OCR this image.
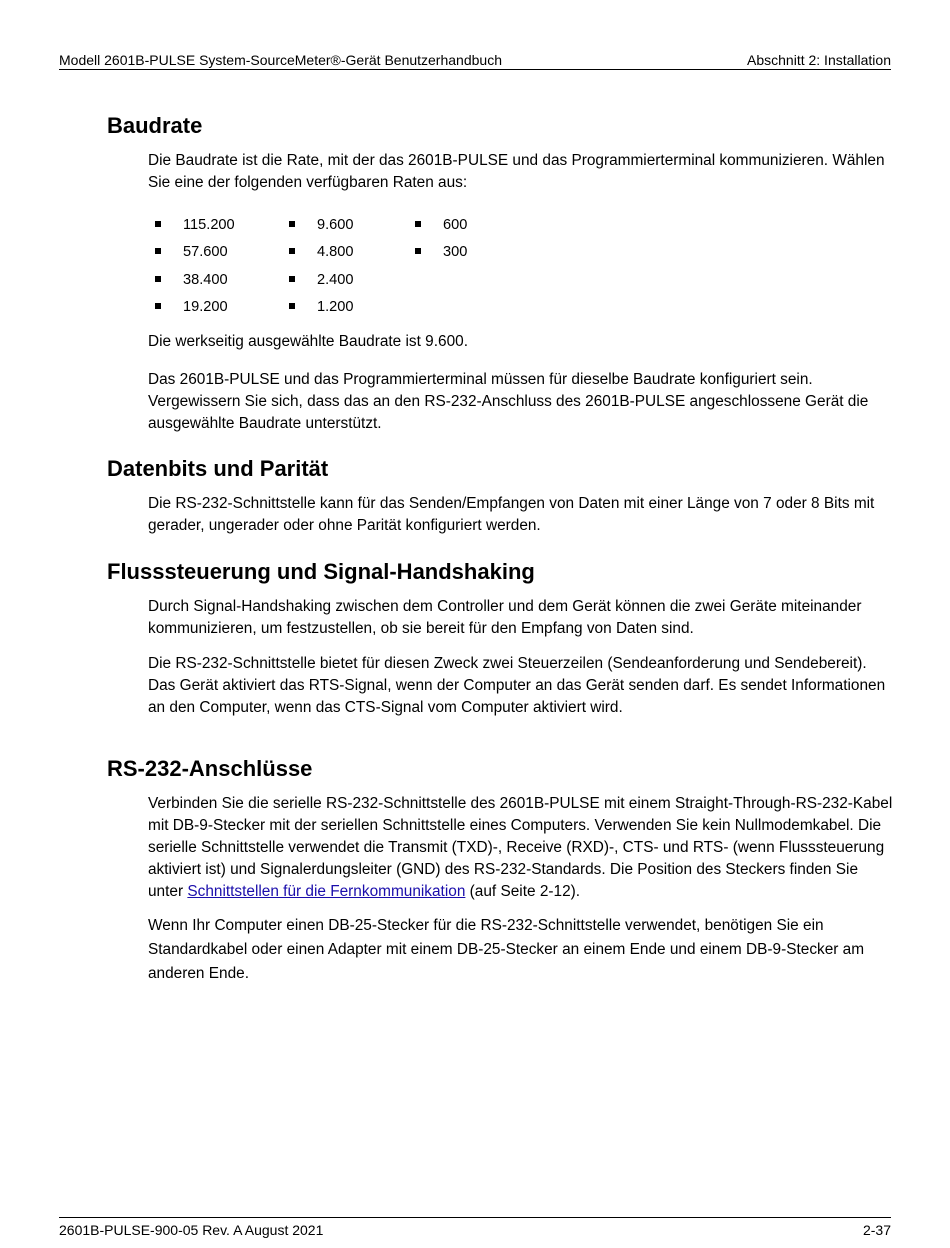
Modell 2601B-PULSE System-SourceMeter®-Gerät Benutzerhandbuch	Abschnitt 2: Installation
Baudrate

Die Baudrate ist die Rate, mit der das 2601B-PULSE und das Programmierterminal kommunizieren. Wählen Sie eine der folgenden verfügbaren Raten aus:

115.200
57.600
38.400
19.200
9.600
4.800
2.400
1.200
600
300

Die werkseitig ausgewählte Baudrate ist 9.600.

Das 2601B-PULSE und das Programmierterminal müssen für dieselbe Baudrate konfiguriert sein. Vergewissern Sie sich, dass das an den RS-232-Anschluss des 2601B-PULSE angeschlossene Gerät die ausgewählte Baudrate unterstützt.

Datenbits und Parität

Die RS-232-Schnittstelle kann für das Senden/Empfangen von Daten mit einer Länge von 7 oder 8 Bits mit gerader, ungerader oder ohne Parität konfiguriert werden.

Flusssteuerung und Signal-Handshaking

Durch Signal-Handshaking zwischen dem Controller und dem Gerät können die zwei Geräte miteinander kommunizieren, um festzustellen, ob sie bereit für den Empfang von Daten sind.

Die RS-232-Schnittstelle bietet für diesen Zweck zwei Steuerzeilen (Sendeanforderung und Sendebereit). Das Gerät aktiviert das RTS-Signal, wenn der Computer an das Gerät senden darf. Es sendet Informationen an den Computer, wenn das CTS-Signal vom Computer aktiviert wird.

RS-232-Anschlüsse

Verbinden Sie die serielle RS-232-Schnittstelle des 2601B-PULSE mit einem Straight-Through-RS-232-Kabel mit DB-9-Stecker mit der seriellen Schnittstelle eines Computers. Verwenden Sie kein Nullmodemkabel. Die serielle Schnittstelle verwendet die Transmit (TXD)-, Receive (RXD)-, CTS- und RTS- (wenn Flusssteuerung aktiviert ist) und Signalerdungsleiter (GND) des RS-232-Standards. Die Position des Steckers finden Sie unter Schnittstellen für die Fernkommunikation (auf Seite 2-12).

Wenn Ihr Computer einen DB-25-Stecker für die RS-232-Schnittstelle verwendet, benötigen Sie ein Standardkabel oder einen Adapter mit einem DB-25-Stecker an einem Ende und einem DB-9-Stecker am anderen Ende.

2601B-PULSE-900-05 Rev. A August 2021	2-37
